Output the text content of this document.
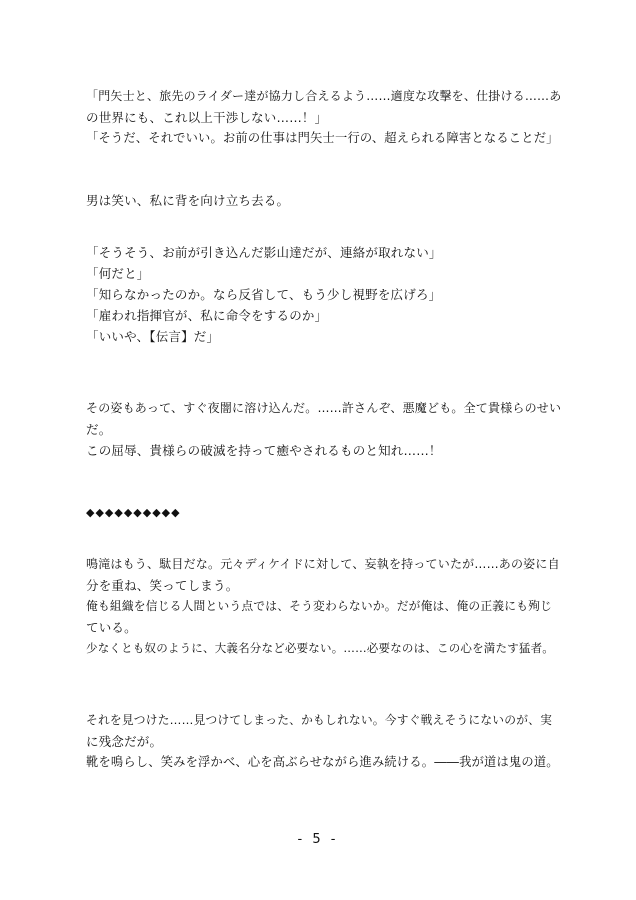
「門矢士と、旅先のライダー達が協力し合えるよう……適度な攻撃を、仕掛ける……あ
の世界にも、これ以上干渉しない……！」
「そうだ、それでいい。お前の仕事は門矢士一行の、超えられる障害となることだ」
男は笑い、私に背を向け立ち去る。
「そうそう、お前が引き込んだ影山達だが、連絡が取れない」
「何だと」
「知らなかったのか。なら反省して、もう少し視野を広げろ」
「雇われ指揮官が、私に命令をするのか」
「いいや、【伝言】だ」
その姿もあって、すぐ夜闇に溶け込んだ。……許さんぞ、悪魔ども。全て貴様らのせい
だ。
この屈辱、貴様らの破滅を持って癒やされるものと知れ……！
◆◆◆◆◆◆◆◆◆◆
鳴滝はもう、駄目だな。元々ディケイドに対して、妄執を持っていたが……あの姿に自
分を重ね、笑ってしまう。
俺も組織を信じる人間という点では、そう変わらないか。だが俺は、俺の正義にも殉じ
ている。
少なくとも奴のように、大義名分など必要ない。……必要なのは、この心を満たす猛者。
それを見つけた……見つけてしまった、かもしれない。今すぐ戦えそうにないのが、実
に残念だが。
靴を鳴らし、笑みを浮かべ、心を高ぶらせながら進み続ける。――我が道は鬼の道。
- 5 -
